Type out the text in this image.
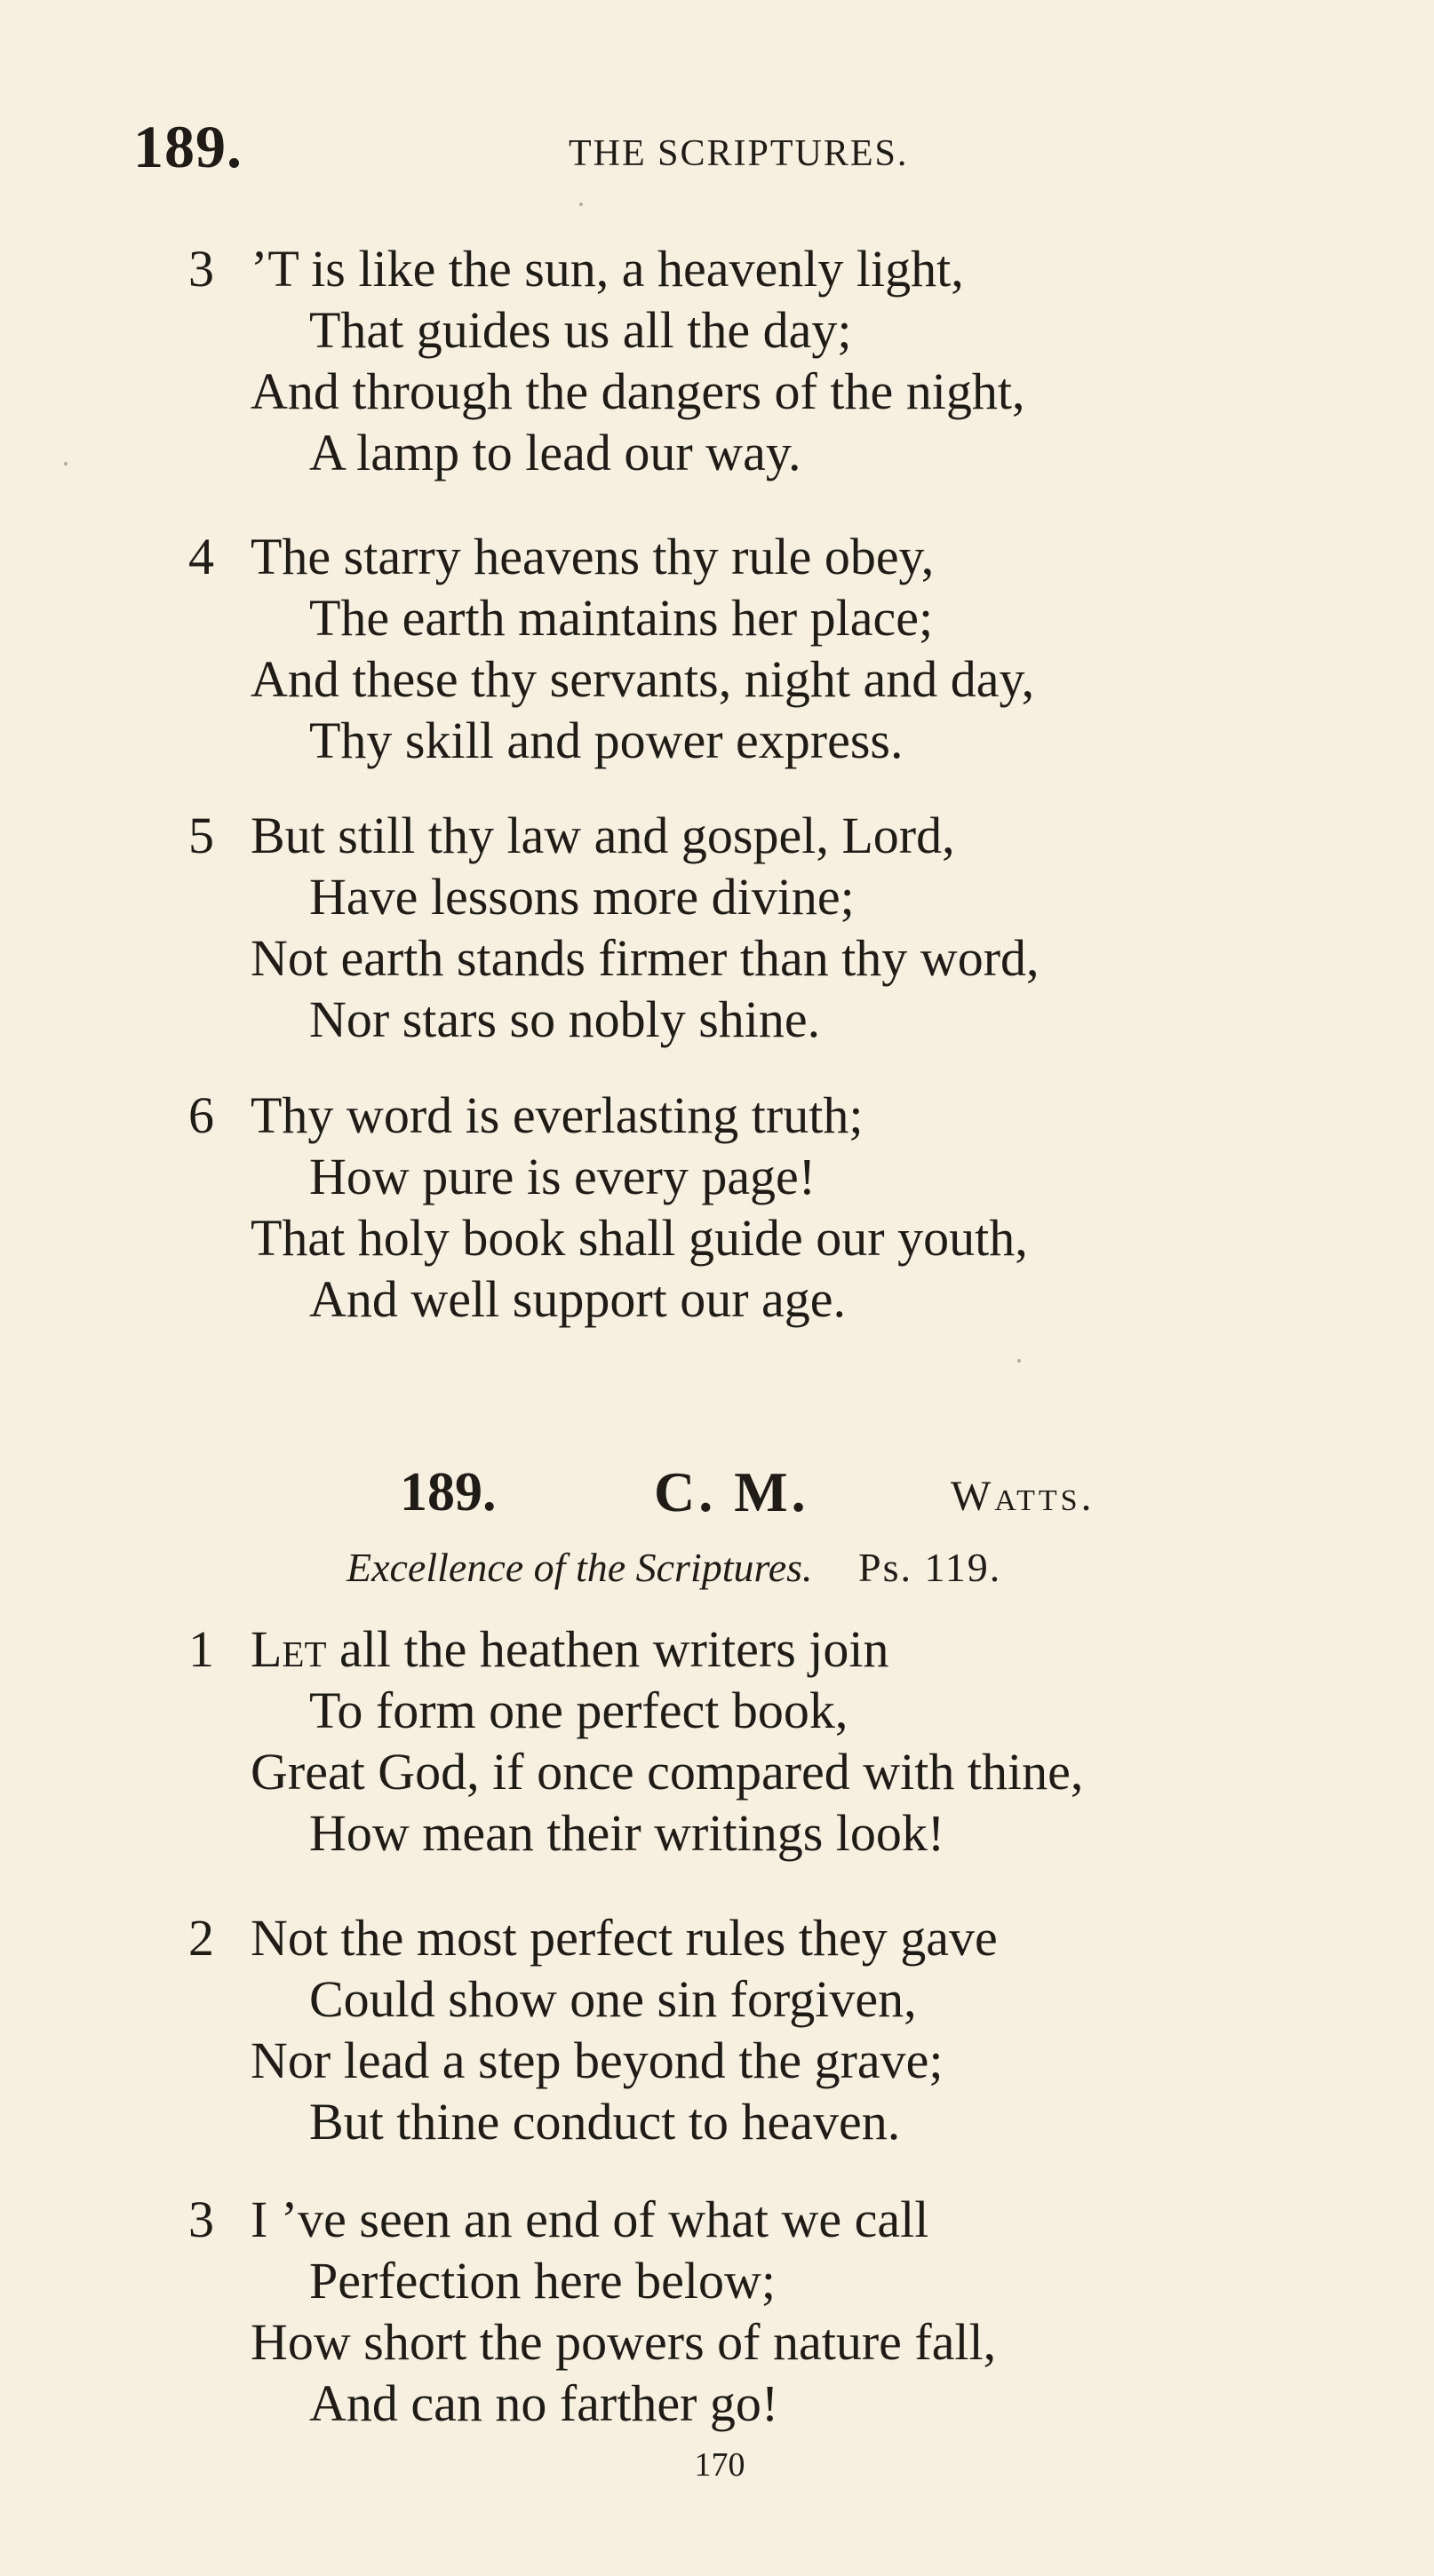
189.	THE SCRIPTURES.
3 ’T is like the sun, a heavenly light,
That guides us all the day;
And through the dangers of the night,
A lamp to lead our way.
4 The starry heavens thy rule obey,
The earth maintains her place;
And these thy servants, night and day,
Thy skill and power express.
5 But still thy law and gospel, Lord,
Have lessons more divine;
Not earth stands firmer than thy word,
Nor stars so nobly shine.
6 Thy word is everlasting truth;
How pure is every page!
That holy book shall guide our youth,
And well support our age.
189.	C. M.	Watts.
Excellence of the Scriptures. Ps. 119.
1 Let all the heathen writers join
To form one perfect book,
Great God, if once compared with thine,
How mean their writings look!
2 Not the most perfect rules they gave
Could show one sin forgiven,
Nor lead a step beyond the grave;
But thine conduct to heaven.
3 I ’ve seen an end of what we call
Perfection here below;
How short the powers of nature fall,
And can no farther go!
170
